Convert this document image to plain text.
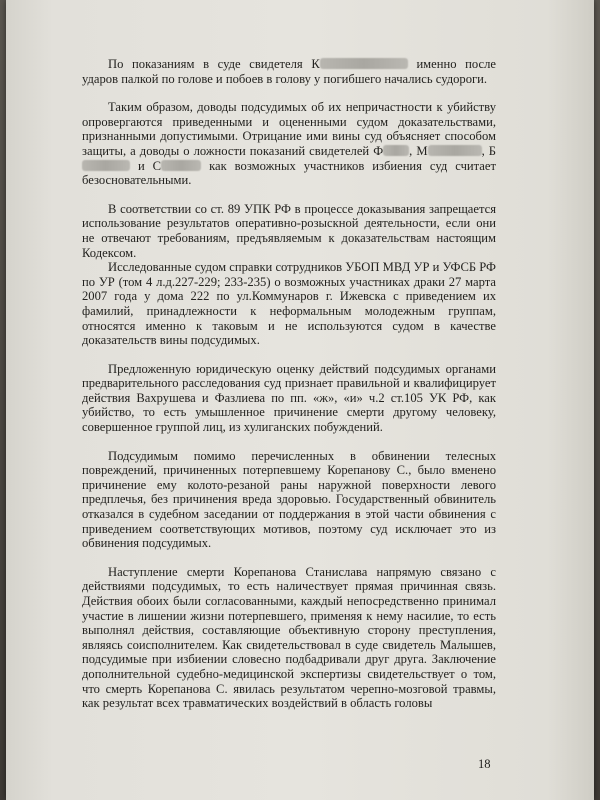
По показаниям в суде свидетеля К	именно после ударов палкой по голове и побоев в голову у погибшего начались судороги.

Таким образом, доводы подсудимых об их непричастности к убийству опровергаются приведенными и оцененными судом доказательствами, признанными допустимыми. Отрицание ими вины суд объясняет способом защиты, а доводы о ложности показаний свидетелей Ф , М	, Б и С	как возможных участников избиения суд считает безосновательными.

В соответствии со ст. 89 УПК РФ в процессе доказывания запрещается использование результатов оперативно-розыскной деятельности, если они не отвечают требованиям, предъявляемым к доказательствам настоящим Кодексом.

Исследованные судом справки сотрудников УБОП МВД УР и УФСБ РФ по УР (том 4 л.д.227-229; 233-235) о возможных участниках драки 27 марта 2007 года у дома 222 по ул.Коммунаров г. Ижевска с приведением их фамилий, принадлежности к неформальным молодежным группам, относятся именно к таковым и не используются судом в качестве доказательств вины подсудимых.

Предложенную юридическую оценку действий подсудимых органами предварительного расследования суд признает правильной и квалифицирует действия Вахрушева и Фазлиева по пп. «ж», «и» ч.2 ст.105 УК РФ, как убийство, то есть умышленное причинение смерти другому человеку, совершенное группой лиц, из хулиганских побуждений.

Подсудимым помимо перечисленных в обвинении телесных повреждений, причиненных потерпевшему Корепанову С., было вменено причинение ему колото-резаной раны наружной поверхности левого предплечья, без причинения вреда здоровью. Государственный обвинитель отказался в судебном заседании от поддержания в этой части обвинения с приведением соответствующих мотивов, поэтому суд исключает это из обвинения подсудимых.

Наступление смерти Корепанова Станислава напрямую связано с действиями подсудимых, то есть наличествует прямая причинная связь. Действия обоих были согласованными, каждый непосредственно принимал участие в лишении жизни потерпевшего, применяя к нему насилие, то есть выполнял действия, составляющие объективную сторону преступления, являясь соисполнителем. Как свидетельствовал в суде свидетель Малышев, подсудимые при избиении словесно подбадривали друг друга. Заключение дополнительной судебно-медицинской экспертизы свидетельствует о том, что смерть Корепанова С. явилась результатом черепно-мозговой травмы, как результат всех травматических воздействий в область головы

18
